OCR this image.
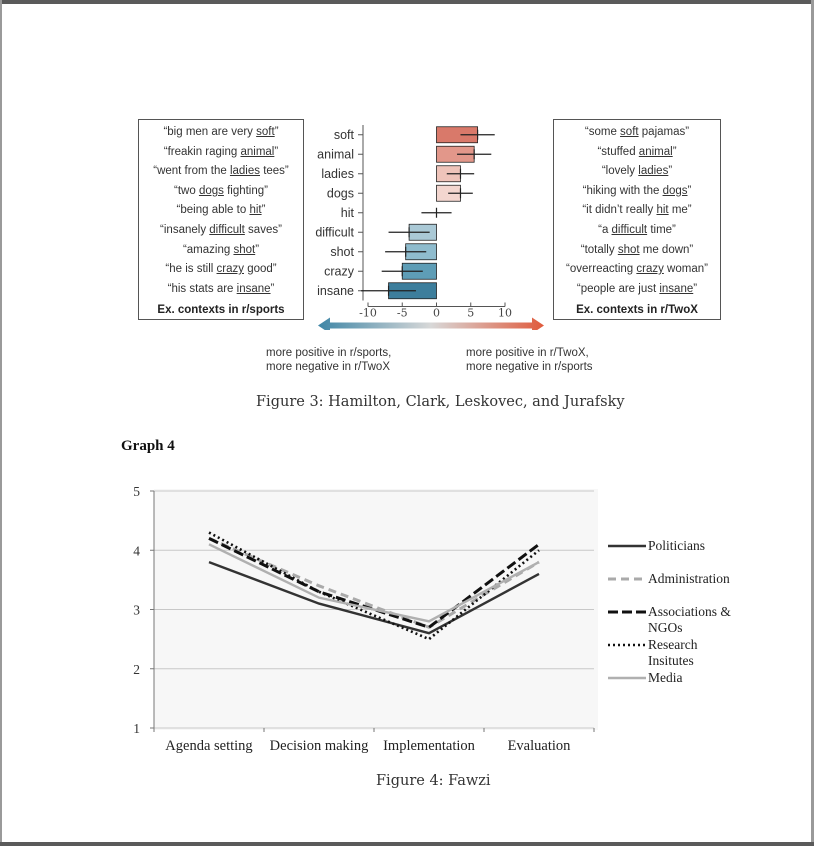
“big men are very soft”
“freakin raging animal”
“went from the ladies tees”
“two dogs fighting”
“being able to hit”
“insanely difficult saves”
“amazing shot”
“he is still crazy good”
“his stats are insane”
Ex. contexts in r/sports
soft
animal
ladies
dogs
hit
difficult
shot
crazy
insane
-10 -5 0 5 10
“some soft pajamas”
“stuffed animal”
“lovely ladies”
“hiking with the dogs”
“it didn’t really hit me”
“a difficult time”
“totally shot me down”
“overreacting crazy woman”
“people are just insane”
Ex. contexts in r/TwoX
more positive in r/sports,
more negative in r/TwoX
more positive in r/TwoX,
more negative in r/sports
Figure 3: Hamilton, Clark, Leskovec, and Jurafsky
Graph 4
1
2
3
4
5
Agenda setting Decision making Implementation Evaluation
Politicians
Administration
Associations &
NGOs
Research
Insitutes
Media
Figure 4: Fawzi
